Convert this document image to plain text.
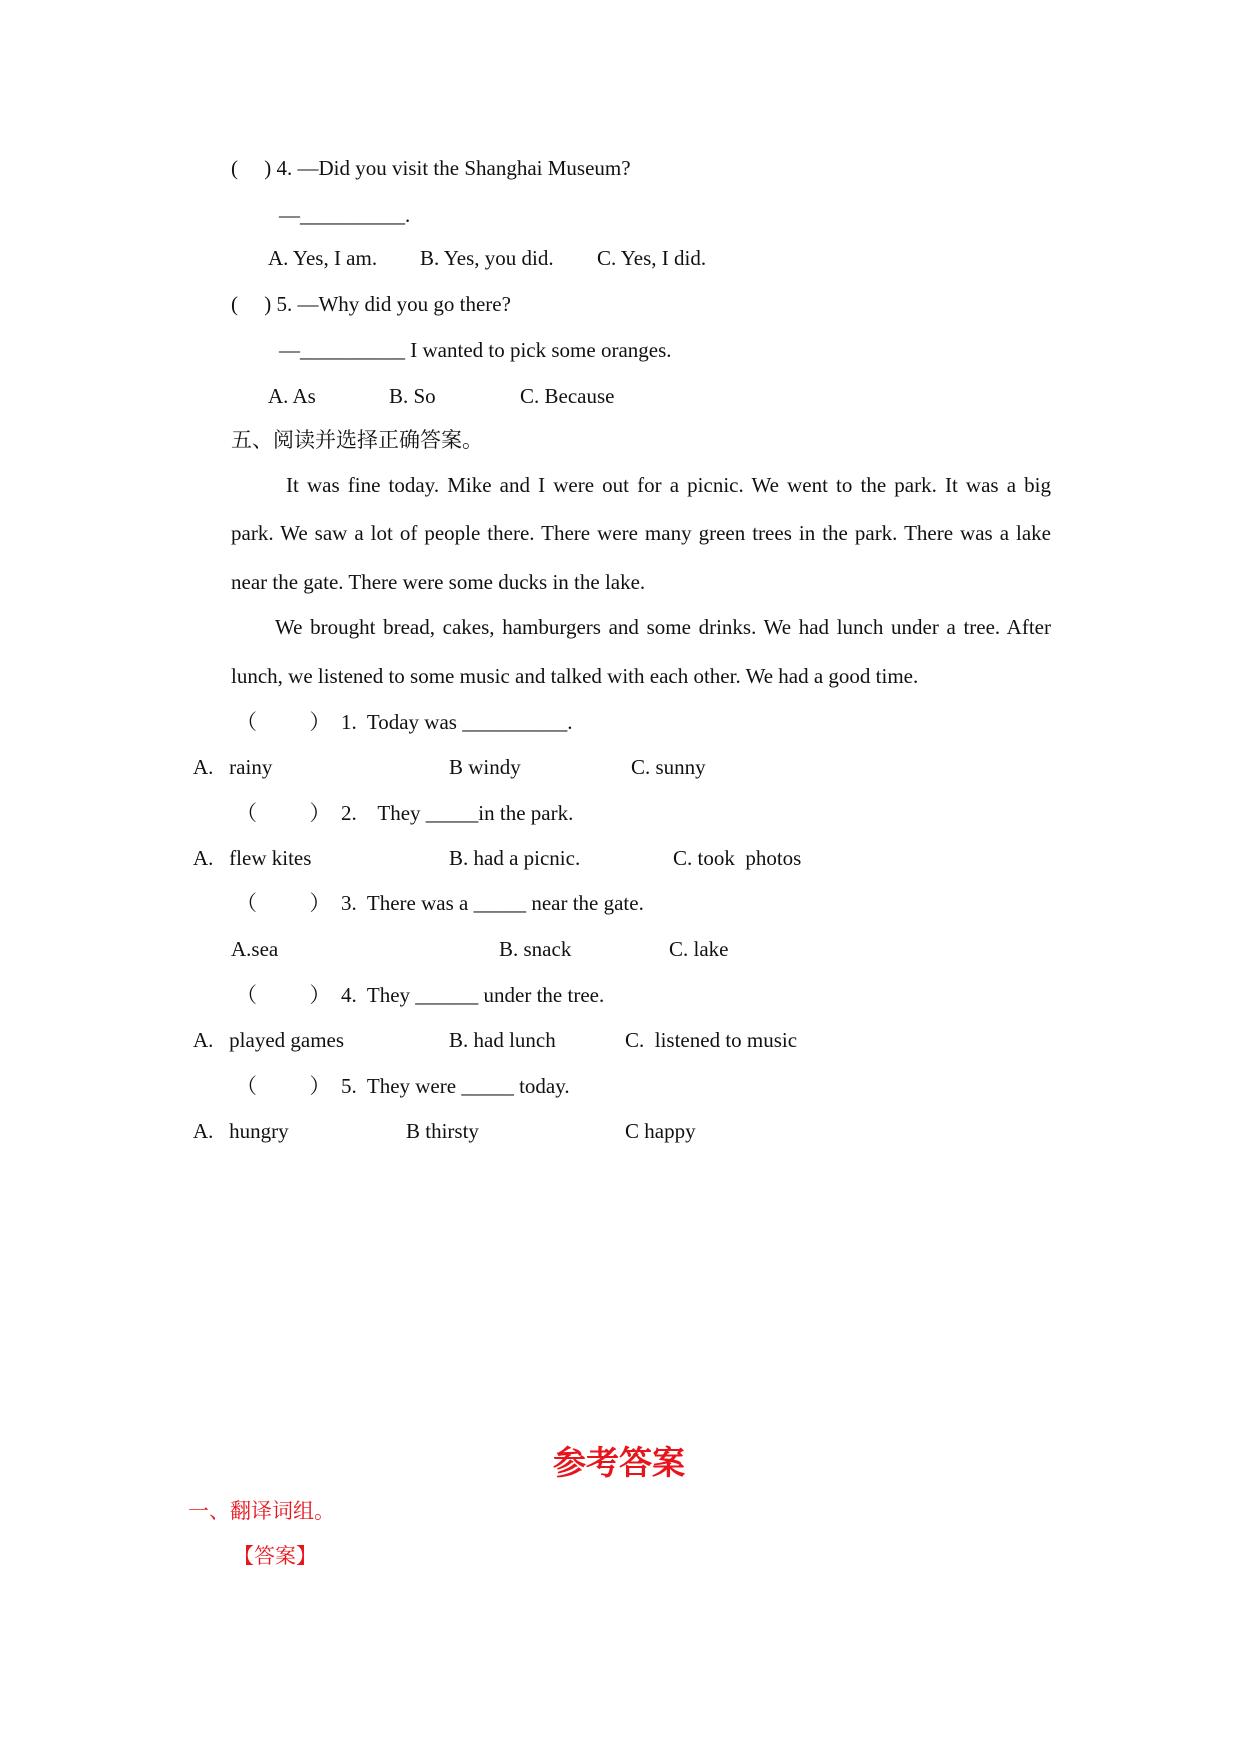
(     ) 4. —Did you visit the Shanghai Museum?
—__________.
A. Yes, I am. B. Yes, you did. C. Yes, I did.
(     ) 5. —Why did you go there?
—__________ I wanted to pick some oranges.
A. As	B. So	C. Because
五、阅读并选择正确答案。
It was fine today. Mike and I were out for a picnic. We went to the park. It was a big
park. We saw a lot of people there. There were many green trees in the park. There was a lake
near the gate. There were some ducks in the lake.
We brought bread, cakes, hamburgers and some drinks. We had lunch under a tree. After
lunch, we listened to some music and talked with each other. We had a good time.
（          ） 1.  Today was __________.
A.   rainy	B windy	C. sunny
（          ） 2.    They _____in the park.
A.   flew kites	B. had a picnic.	C. took  photos
（          ） 3.  There was a _____ near the gate.
A.sea	B. snack	C. lake
（          ） 4.  They ______ under the tree.
A.   played games	B. had lunch	C.  listened to music
（          ） 5.  They were _____ today.
A.   hungry	B thirsty	C happy
参考答案
一、翻译词组。
【答案】
